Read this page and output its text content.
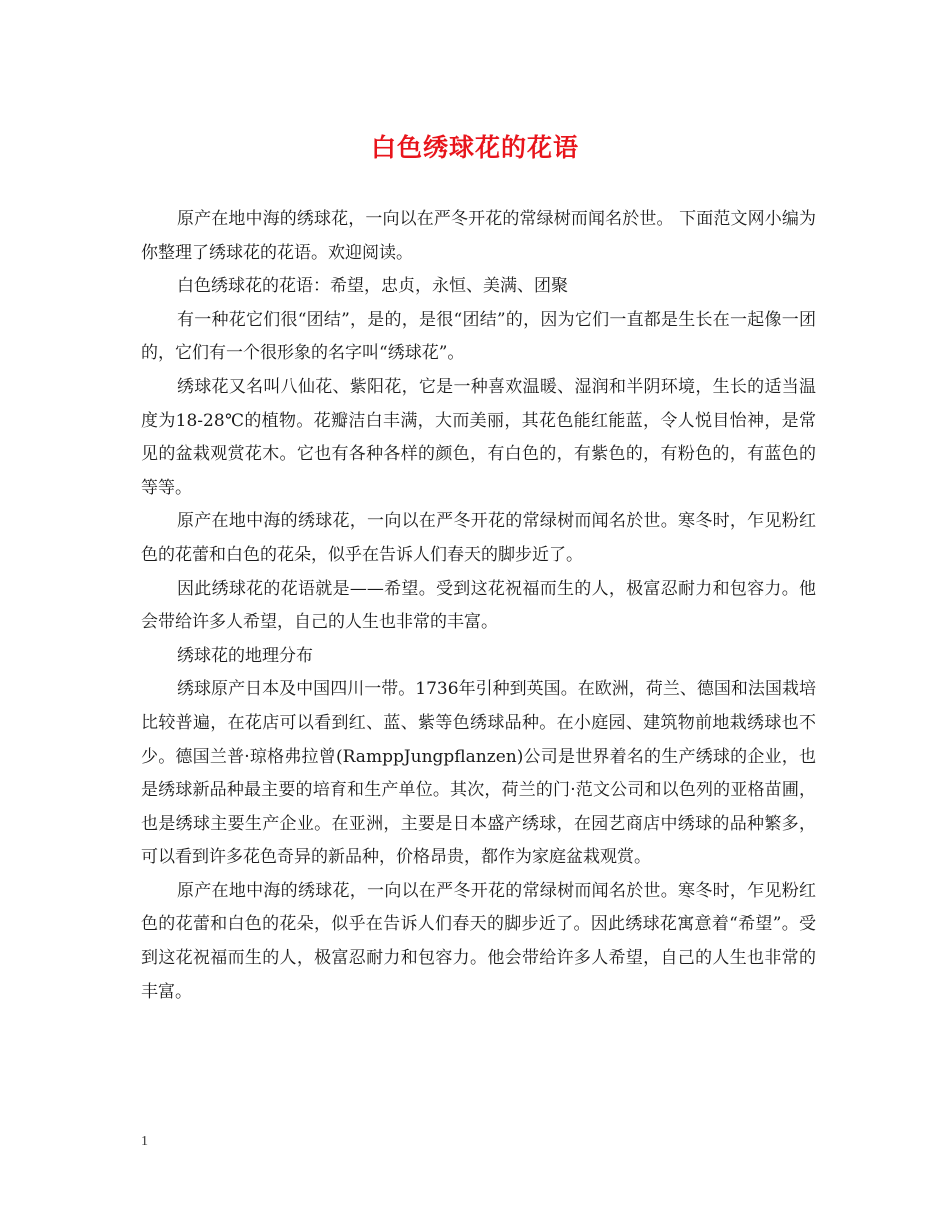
白色绣球花的花语

原产在地中海的绣球花，一向以在严冬开花的常绿树而闻名於世。 下面范文网小编为你整理了绣球花的花语。欢迎阅读。

白色绣球花的花语：希望，忠贞，永恒、美满、团聚

有一种花它们很“团结”，是的，是很“团结”的，因为它们一直都是生长在一起像一团的，它们有一个很形象的名字叫“绣球花”。

绣球花又名叫八仙花、紫阳花，它是一种喜欢温暖、湿润和半阴环境，生长的适当温度为18-28℃的植物。花瓣洁白丰满，大而美丽，其花色能红能蓝，令人悦目怡神，是常见的盆栽观赏花木。它也有各种各样的颜色，有白色的，有紫色的，有粉色的，有蓝色的等等。

原产在地中海的绣球花，一向以在严冬开花的常绿树而闻名於世。寒冬时，乍见粉红色的花蕾和白色的花朵，似乎在告诉人们春天的脚步近了。

因此绣球花的花语就是——希望。受到这花祝福而生的人，极富忍耐力和包容力。他会带给许多人希望，自己的人生也非常的丰富。

绣球花的地理分布

绣球原产日本及中国四川一带。1736年引种到英国。在欧洲，荷兰、德国和法国栽培比较普遍，在花店可以看到红、蓝、紫等色绣球品种。在小庭园、建筑物前地栽绣球也不少。德国兰普·琼格弗拉曾(RamppJungpflanzen)公司是世界着名的生产绣球的企业，也是绣球新品种最主要的培育和生产单位。其次，荷兰的门·范文公司和以色列的亚格苗圃，也是绣球主要生产企业。在亚洲，主要是日本盛产绣球，在园艺商店中绣球的品种繁多，可以看到许多花色奇异的新品种，价格昂贵，都作为家庭盆栽观赏。

原产在地中海的绣球花，一向以在严冬开花的常绿树而闻名於世。寒冬时，乍见粉红色的花蕾和白色的花朵，似乎在告诉人们春天的脚步近了。因此绣球花寓意着“希望”。受到这花祝福而生的人，极富忍耐力和包容力。他会带给许多人希望，自己的人生也非常的丰富。

1
